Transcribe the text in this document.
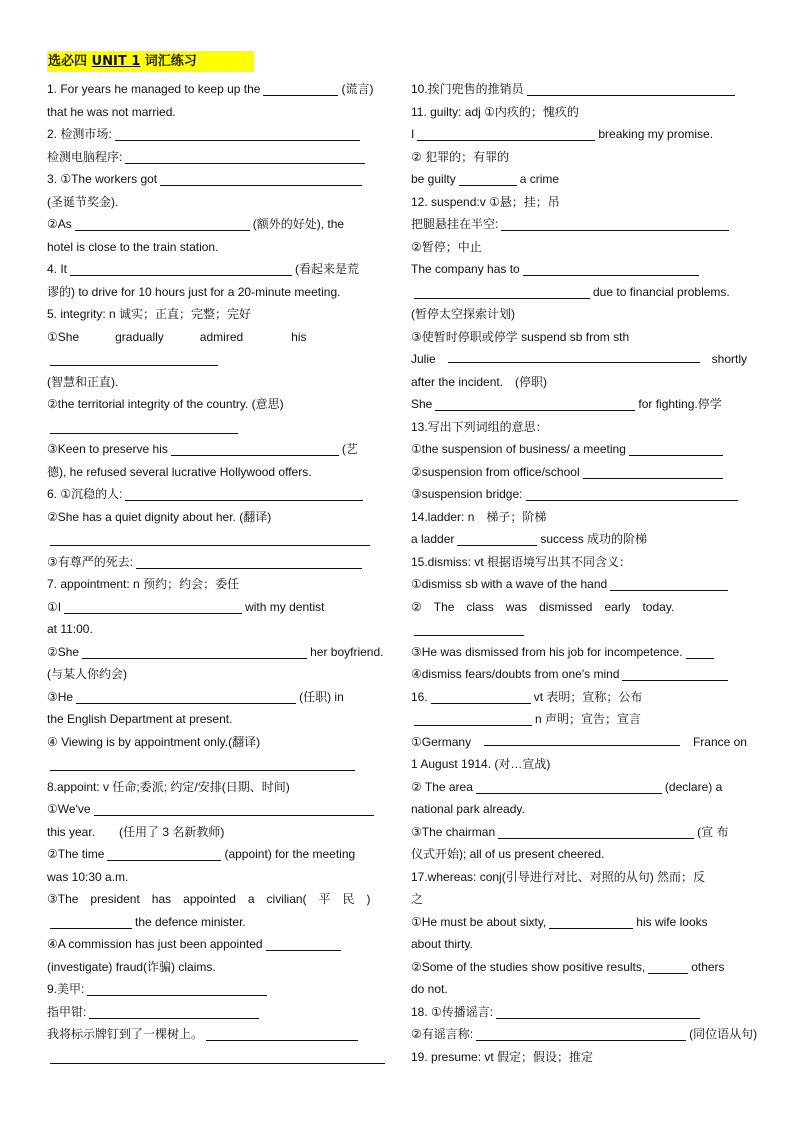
选必四 UNIT 1 词汇练习
1. For years he managed to keep up the	(谎言)
that he was not married.
2. 检测市场:
检测电脑程序:
3. ①The workers got
(圣诞节奖金).
②As	(额外的好处), the
hotel is close to the train station.
4. It	(看起来是荒
谬的) to drive for 10 hours just for a 20-minute meeting.
5. integrity: n 诚实；正直；完整；完好
①She　　　gradually　　　admired　　　　his
(智慧和正直).
②the territorial integrity of the country. (意思)
③Keen to preserve his	(艺
德), he refused several lucrative Hollywood offers.
6. ①沉稳的人:
②She has a quiet dignity about her. (翻译)
③有尊严的死去:
7. appointment: n 预约；约会；委任
①I	with my dentist
at 11:00.
②She	her boyfriend.
(与某人你约会)
③He	(任职) in
the English Department at present.
④ Viewing is by appointment only.(翻译)
8.appoint: v 任命;委派; 约定/安排(日期、时间)
①We've
this year.　　(任用了 3 名新教师)
②The time	(appoint) for the meeting
was 10:30 a.m.
③The　president　has　appointed　a　civilian(　平　民　)
the defence minister.
④A commission has just been appointed
(investigate) fraud(诈骗) claims.
9.美甲:
指甲钳:
我将标示牌钉到了一棵树上。
10.挨门兜售的推销员
11. guilty: adj ①内疚的；愧疚的
I	breaking my promise.
② 犯罪的；有罪的
be guilty	a crime
12. suspend:v ①悬；挂；吊
把腿悬挂在半空:
②暂停；中止
The company has to
due to financial problems.
(暂停太空探索计划)
③使暂时停职或停学 suspend sb from sth
Julie	shortly
after the incident.　(停职)
She	for fighting.停学
13.写出下列词组的意思：
①the suspension of business/ a meeting
②suspension from office/school
③suspension bridge:
14.ladder: n　梯子；阶梯
a ladder	success 成功的阶梯
15.dismiss: vt 根据语境写出其不同含义：
①dismiss sb with a wave of the hand
②　The　class　was　dismissed　early　today.
③He was dismissed from his job for incompetence.
④dismiss fears/doubts from one's mind
16.	vt 表明；宣称；公布
n 声明；宣告；宣言
①Germany	France on
1 August 1914. (对…宣战)
② The area	(declare) a
national park already.
③The chairman	(宣 布
仪式开始); all of us present cheered.
17.whereas: conj(引导进行对比、对照的从句) 然而；反
之
①He must be about sixty,	his wife looks
about thirty.
②Some of the studies show positive results,	others
do not.
18. ①传播谣言:
②有谣言称:	(同位语从句)
19. presume: vt 假定；假设；推定
